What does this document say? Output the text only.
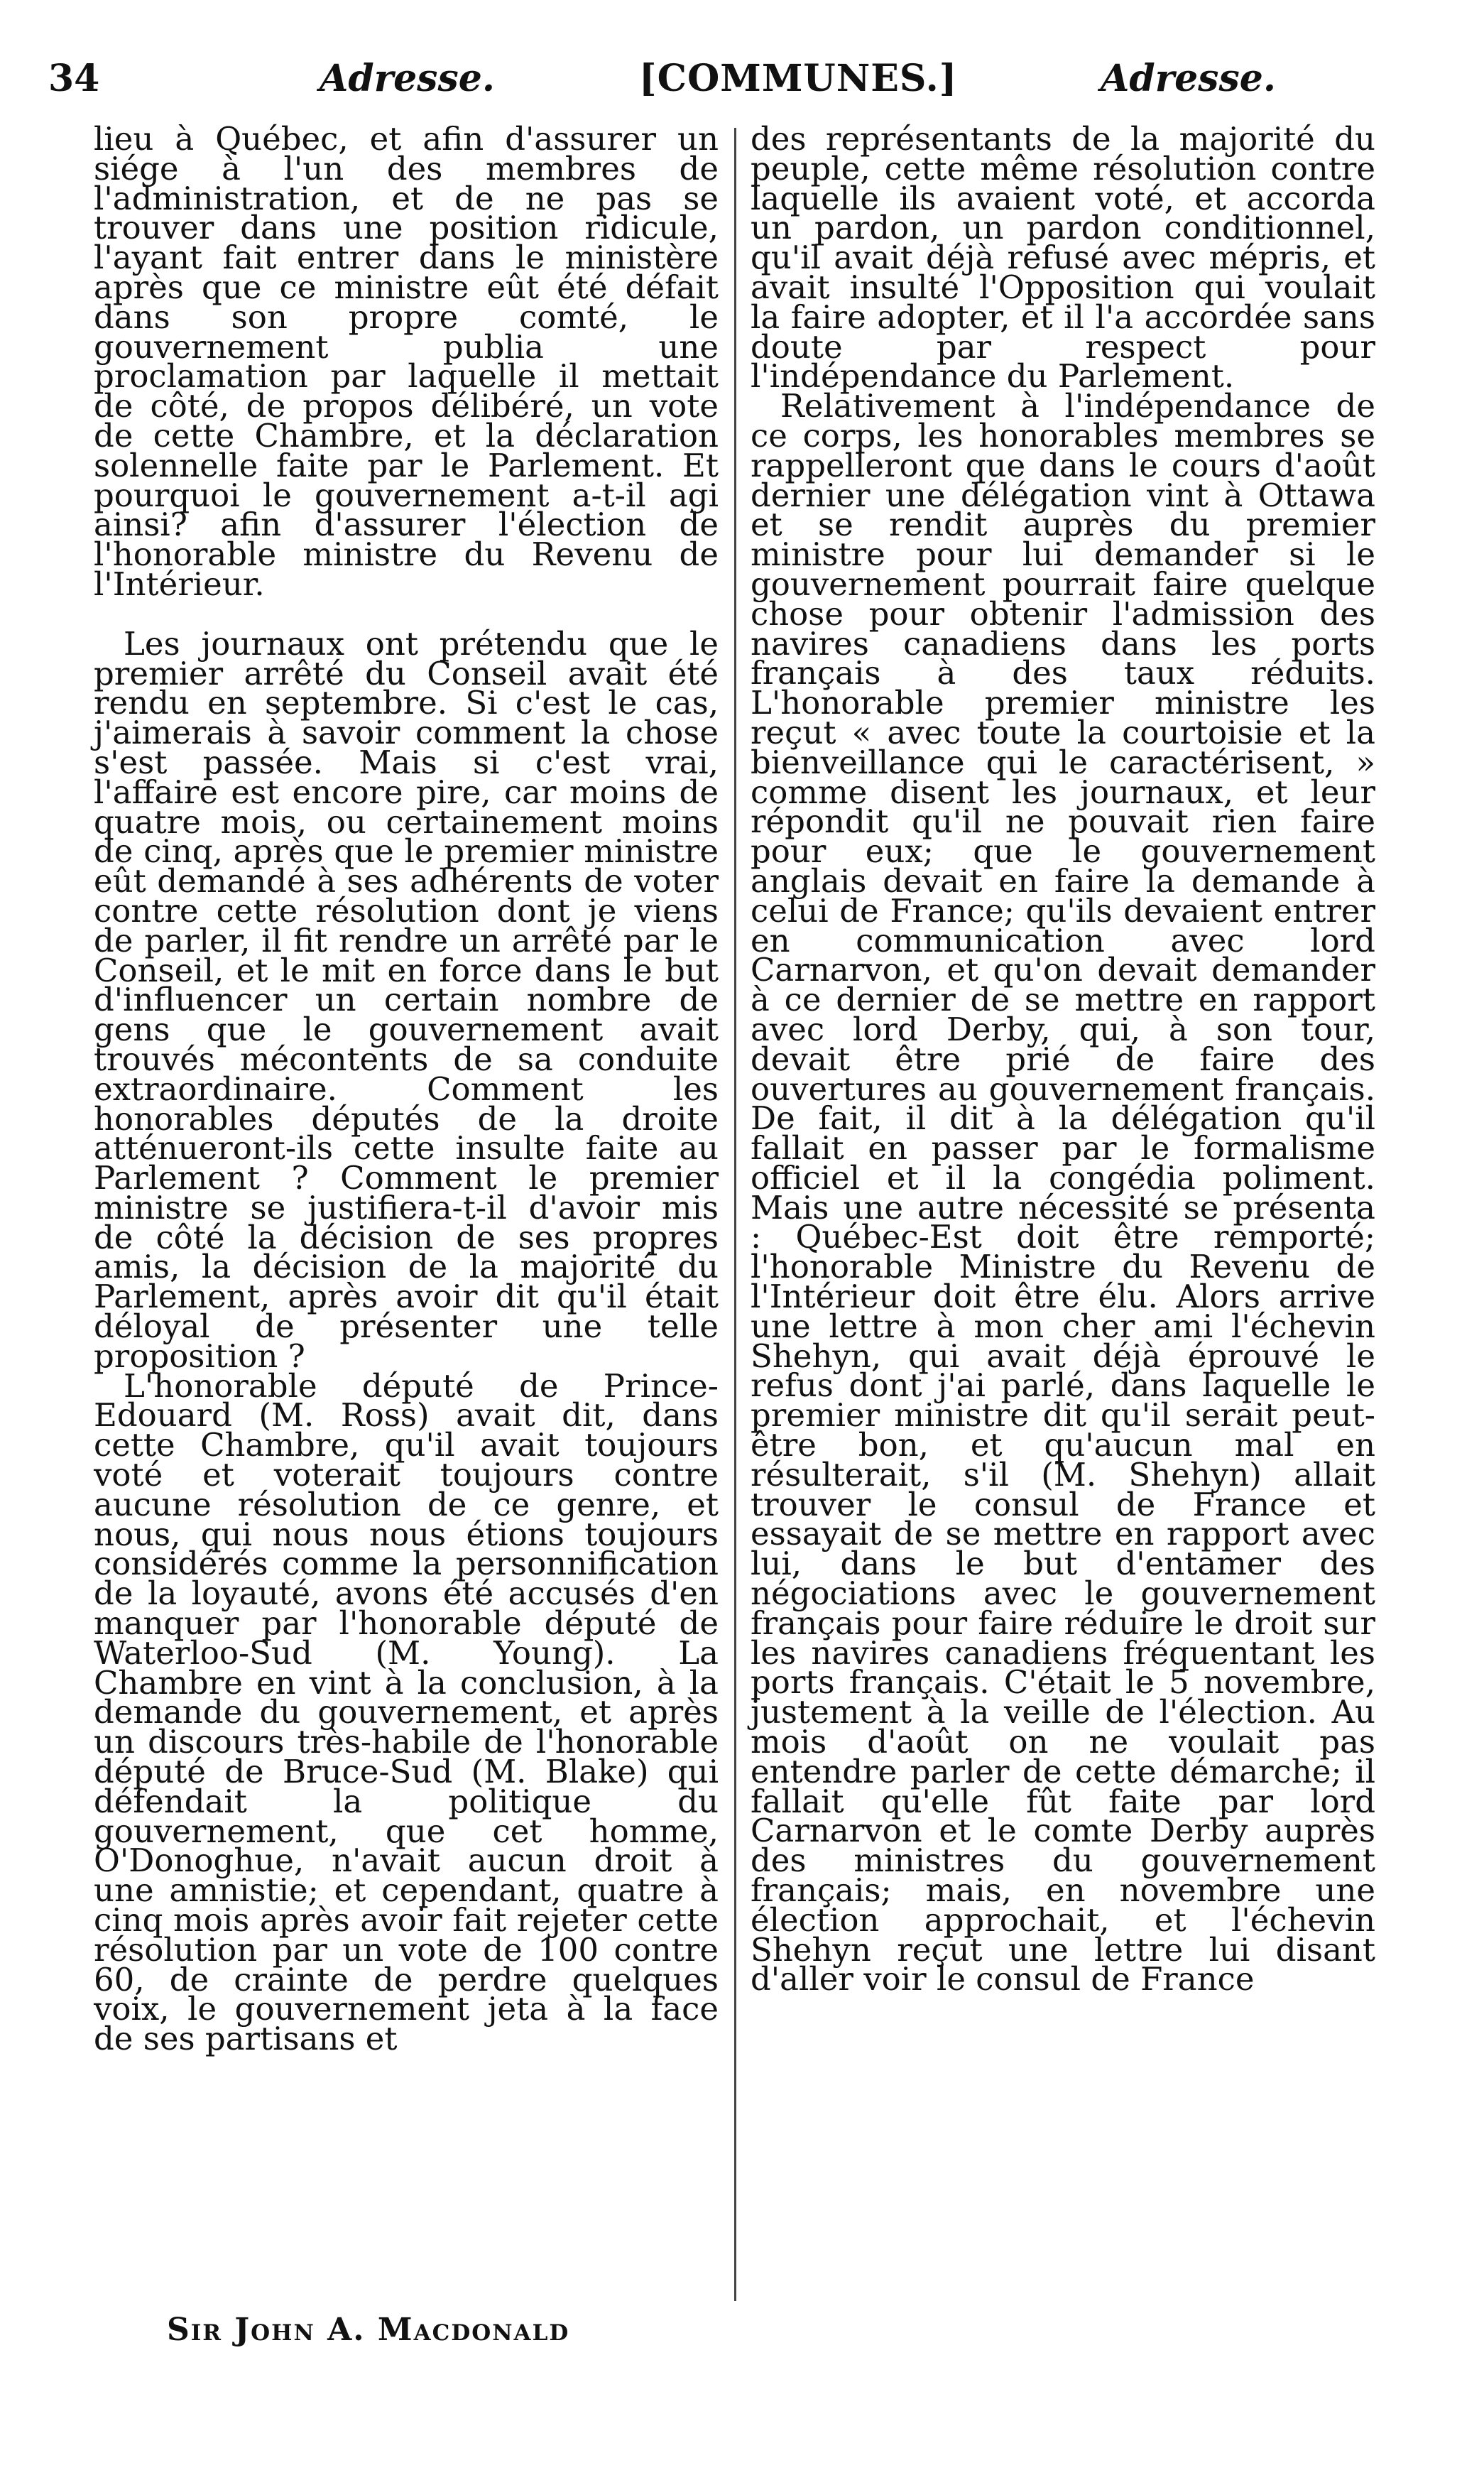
34	Adresse.	[COMMUNES.]	Adresse.

lieu à Québec, et afin d'assurer un siége à l'un des membres de l'administration, et de ne pas se trouver dans une position ridicule, l'ayant fait entrer dans le ministère après que ce ministre eût été défait dans son propre comté, le gouvernement publia une proclamation par laquelle il mettait de côté, de propos délibéré, un vote de cette Chambre, et la déclaration solennelle faite par le Parlement. Et pourquoi le gouvernement a-t-il agi ainsi? afin d'assurer l'élection de l'honorable ministre du Revenu de l'Intérieur.

Les journaux ont prétendu que le premier arrêté du Conseil avait été rendu en septembre. Si c'est le cas, j'aimerais à savoir comment la chose s'est passée. Mais si c'est vrai, l'affaire est encore pire, car moins de quatre mois, ou certainement moins de cinq, après que le premier ministre eût demandé à ses adhérents de voter contre cette résolution dont je viens de parler, il fit rendre un arrêté par le Conseil, et le mit en force dans le but d'influencer un certain nombre de gens que le gouvernement avait trouvés mécontents de sa conduite extraordinaire. Comment les honorables députés de la droite atténueront-ils cette insulte faite au Parlement ? Comment le premier ministre se justifiera-t-il d'avoir mis de côté la décision de ses propres amis, la décision de la majorité du Parlement, après avoir dit qu'il était déloyal de présenter une telle proposition ?

L'honorable député de Prince-Edouard (M. Ross) avait dit, dans cette Chambre, qu'il avait toujours voté et voterait toujours contre aucune résolution de ce genre, et nous, qui nous nous étions toujours considérés comme la personnification de la loyauté, avons été accusés d'en manquer par l'honorable député de Waterloo-Sud (M. Young). La Chambre en vint à la conclusion, à la demande du gouvernement, et après un discours très-habile de l'honorable député de Bruce-Sud (M. Blake) qui défendait la politique du gouvernement, que cet homme, O'Donoghue, n'avait aucun droit à une amnistie; et cependant, quatre à cinq mois après avoir fait rejeter cette résolution par un vote de 100 contre 60, de crainte de perdre quelques voix, le gouvernement jeta à la face de ses partisans et

des représentants de la majorité du peuple, cette même résolution contre laquelle ils avaient voté, et accorda un pardon, un pardon conditionnel, qu'il avait déjà refusé avec mépris, et avait insulté l'Opposition qui voulait la faire adopter, et il l'a accordée sans doute par respect pour l'indépendance du Parlement.

Relativement à l'indépendance de ce corps, les honorables membres se rappelleront que dans le cours d'août dernier une délégation vint à Ottawa et se rendit auprès du premier ministre pour lui demander si le gouvernement pourrait faire quelque chose pour obtenir l'admission des navires canadiens dans les ports français à des taux réduits. L'honorable premier ministre les reçut « avec toute la courtoisie et la bienveillance qui le caractérisent, » comme disent les journaux, et leur répondit qu'il ne pouvait rien faire pour eux; que le gouvernement anglais devait en faire la demande à celui de France; qu'ils devaient entrer en communication avec lord Carnarvon, et qu'on devait demander à ce dernier de se mettre en rapport avec lord Derby, qui, à son tour, devait être prié de faire des ouvertures au gouvernement français. De fait, il dit à la délégation qu'il fallait en passer par le formalisme officiel et il la congédia poliment. Mais une autre nécessité se présenta : Québec-Est doit être remporté; l'honorable Ministre du Revenu de l'Intérieur doit être élu. Alors arrive une lettre à mon cher ami l'échevin Shehyn, qui avait déjà éprouvé le refus dont j'ai parlé, dans laquelle le premier ministre dit qu'il serait peut-être bon, et qu'aucun mal en résulterait, s'il (M. Shehyn) allait trouver le consul de France et essayait de se mettre en rapport avec lui, dans le but d'entamer des négociations avec le gouvernement français pour faire réduire le droit sur les navires canadiens fréquentant les ports français. C'était le 5 novembre, justement à la veille de l'élection. Au mois d'août on ne voulait pas entendre parler de cette démarche; il fallait qu'elle fût faite par lord Carnarvon et le comte Derby auprès des ministres du gouvernement français; mais, en novembre une élection approchait, et l'échevin Shehyn reçut une lettre lui disant d'aller voir le consul de France

Sir John A. Macdonald
